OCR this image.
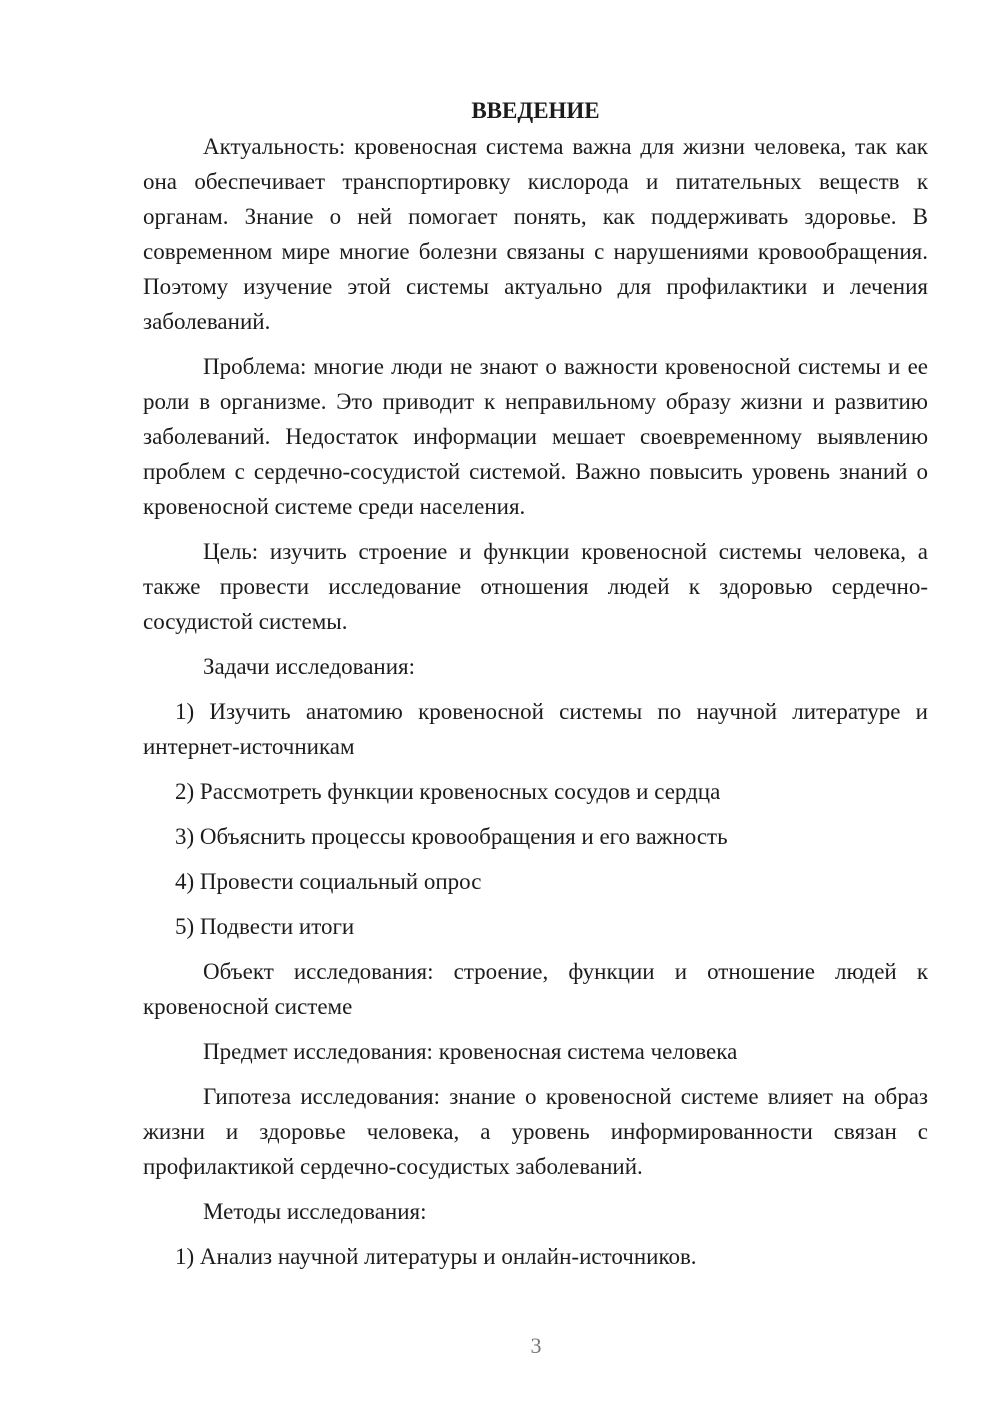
ВВЕДЕНИЕ

Актуальность: кровеносная система важна для жизни человека, так как она обеспечивает транспортировку кислорода и питательных веществ к органам. Знание о ней помогает понять, как поддерживать здоровье. В современном мире многие болезни связаны с нарушениями кровообращения. Поэтому изучение этой системы актуально для профилактики и лечения заболеваний.

Проблема: многие люди не знают о важности кровеносной системы и ее роли в организме. Это приводит к неправильному образу жизни и развитию заболеваний. Недостаток информации мешает своевременному выявлению проблем с сердечно-сосудистой системой. Важно повысить уровень знаний о кровеносной системе среди населения.

Цель: изучить строение и функции кровеносной системы человека, а также провести исследование отношения людей к здоровью сердечно-сосудистой системы.

Задачи исследования:

1) Изучить анатомию кровеносной системы по научной литературе и интернет-источникам

2) Рассмотреть функции кровеносных сосудов и сердца

3) Объяснить процессы кровообращения и его важность

4) Провести социальный опрос

5) Подвести итоги

Объект исследования: строение, функции и отношение людей к кровеносной системе

Предмет исследования: кровеносная система человека

Гипотеза исследования: знание о кровеносной системе влияет на образ жизни и здоровье человека, а уровень информированности связан с профилактикой сердечно-сосудистых заболеваний.

Методы исследования:

1) Анализ научной литературы и онлайн-источников.

3
